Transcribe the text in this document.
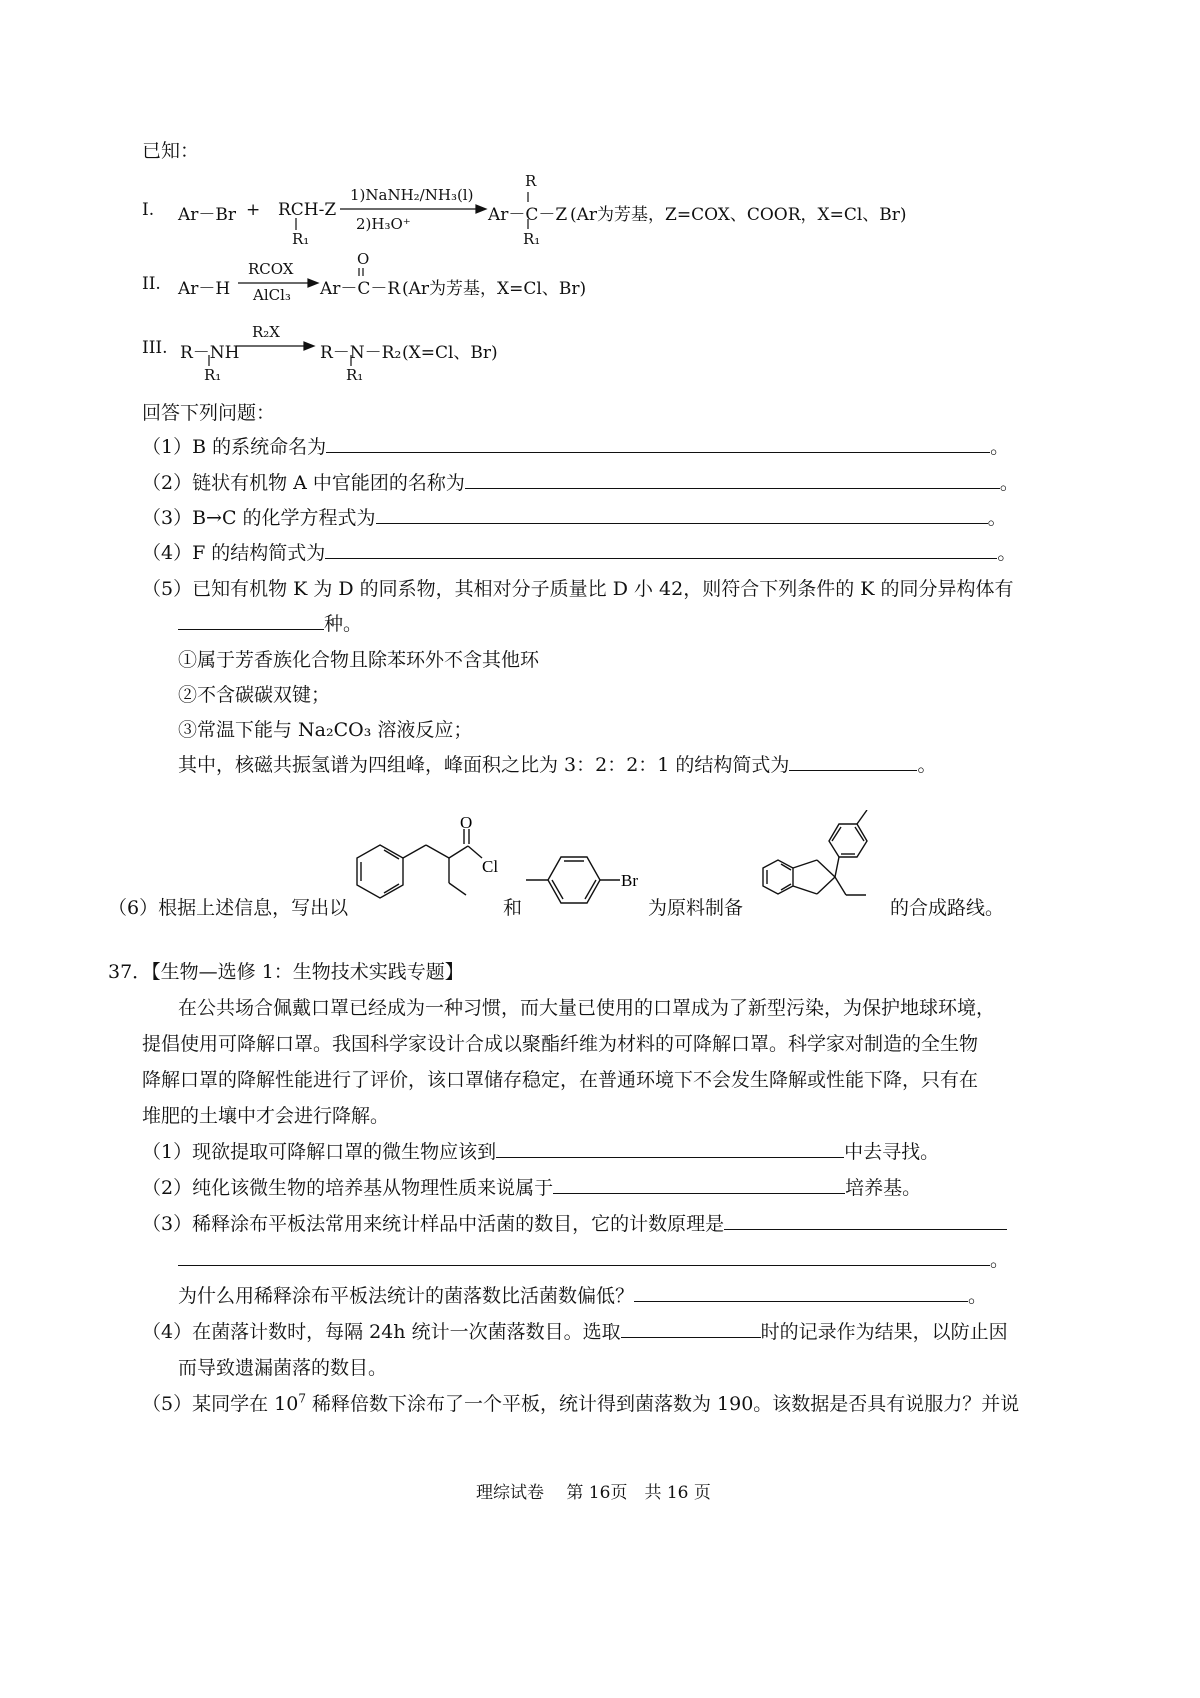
已知：
I. Ar－Br + RCH-Z
R₁
1)NaNH₂/NH₃(l)
2)H₃O⁺	Ar－C－Z
R
R₁
(Ar为芳基，Z=COX、COOR，X=Cl、Br)
II. Ar－H
RCOX
AlCl₃ Ar－C－R
O
(Ar为芳基，X=Cl、Br)
III. R－NH
R₁
R₂X
R－N－R₂
R₁
(X=Cl、Br)
回答下列问题：
（1）B 的系统命名为	。
（2）链状有机物 A 中官能团的名称为	。
（3）B→C 的化学方程式为	。
（4）F 的结构简式为	。
（5）已知有机物 K 为 D 的同系物，其相对分子质量比 D 小 42，则符合下列条件的 K 的同分异构体有
种。
①属于芳香族化合物且除苯环外不含其他环
②不含碳碳双键；
③常温下能与 Na₂CO₃ 溶液反应；
其中，核磁共振氢谱为四组峰，峰面积之比为 3：2：2：1 的结构简式为	。
（6）根据上述信息，写出以	和	为原料制备	的合成路线。
O
Cl
Br
37．【生物—选修 1：生物技术实践专题】
在公共场合佩戴口罩已经成为一种习惯，而大量已使用的口罩成为了新型污染，为保护地球环境，
提倡使用可降解口罩。我国科学家设计合成以聚酯纤维为材料的可降解口罩。科学家对制造的全生物
降解口罩的降解性能进行了评价，该口罩储存稳定，在普通环境下不会发生降解或性能下降，只有在
堆肥的土壤中才会进行降解。
（1）现欲提取可降解口罩的微生物应该到	中去寻找。
（2）纯化该微生物的培养基从物理性质来说属于	培养基。
（3）稀释涂布平板法常用来统计样品中活菌的数目，它的计数原理是
。
为什么用稀释涂布平板法统计的菌落数比活菌数偏低？	。
（4）在菌落计数时，每隔 24h 统计一次菌落数目。选取	时的记录作为结果，以防止因
而导致遗漏菌落的数目。
（5）某同学在 $10^7$ 稀释倍数下涂布了一个平板，统计得到菌落数为 190。该数据是否具有说服力？并说
理综试卷　 第 16页　共 16 页
